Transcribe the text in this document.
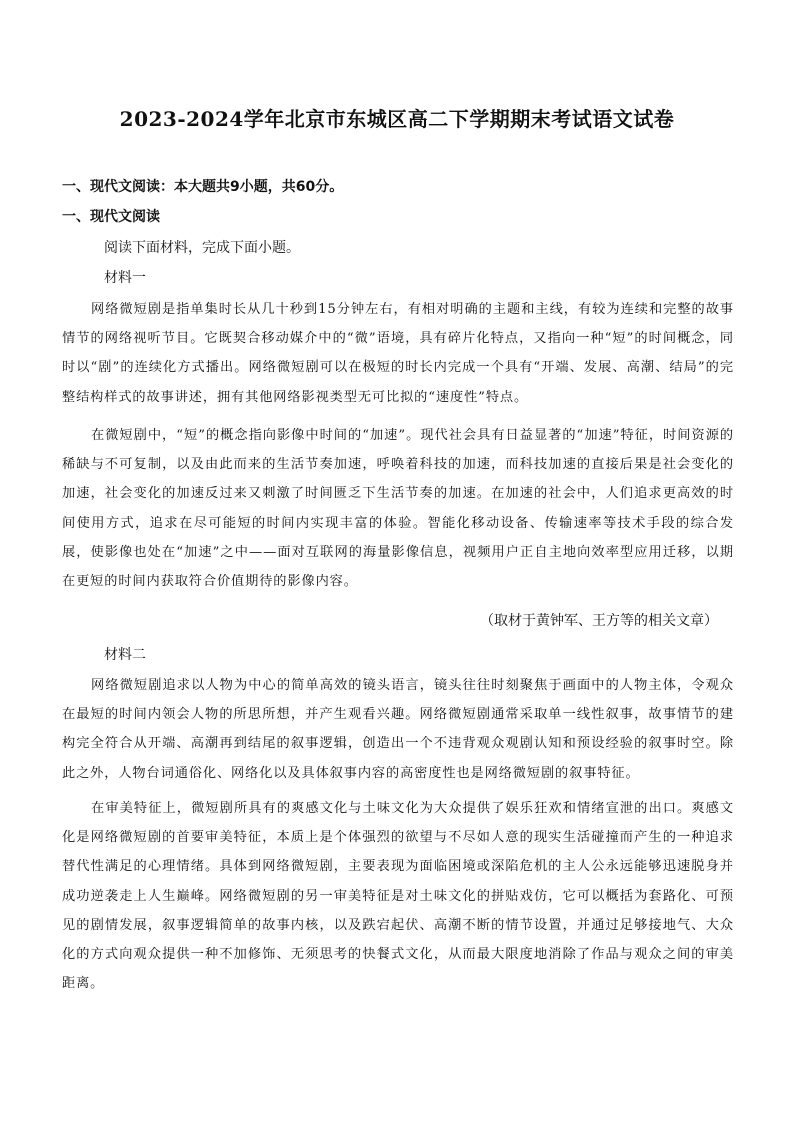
2023-2024学年北京市东城区高二下学期期末考试语文试卷
一、现代文阅读：本大题共9小题，共60分。
一、现代文阅读
阅读下面材料，完成下面小题。
材料一

网络微短剧是指单集时长从几十秒到15分钟左右，有相对明确的主题和主线，有较为连续和完整的故事情节的网络视听节目。它既契合移动媒介中的“微”语境，具有碎片化特点，又指向一种“短”的时间概念，同时以“剧”的连续化方式播出。网络微短剧可以在极短的时长内完成一个具有“开端、发展、高潮、结局”的完整结构样式的故事讲述，拥有其他网络影视类型无可比拟的“速度性”特点。

在微短剧中，“短”的概念指向影像中时间的“加速”。现代社会具有日益显著的“加速”特征，时间资源的稀缺与不可复制，以及由此而来的生活节奏加速，呼唤着科技的加速，而科技加速的直接后果是社会变化的加速，社会变化的加速反过来又刺激了时间匮乏下生活节奏的加速。在加速的社会中，人们追求更高效的时间使用方式，追求在尽可能短的时间内实现丰富的体验。智能化移动设备、传输速率等技术手段的综合发展，使影像也处在“加速”之中——面对互联网的海量影像信息，视频用户正自主地向效率型应用迁移，以期在更短的时间内获取符合价值期待的影像内容。

（取材于黄钟军、王方等的相关文章）
材料二

网络微短剧追求以人物为中心的简单高效的镜头语言，镜头往往时刻聚焦于画面中的人物主体，令观众在最短的时间内领会人物的所思所想，并产生观看兴趣。网络微短剧通常采取单一线性叙事，故事情节的建构完全符合从开端、高潮再到结尾的叙事逻辑，创造出一个不违背观众观剧认知和预设经验的叙事时空。除此之外，人物台词通俗化、网络化以及具体叙事内容的高密度性也是网络微短剧的叙事特征。

在审美特征上，微短剧所具有的爽感文化与土味文化为大众提供了娱乐狂欢和情绪宣泄的出口。爽感文化是网络微短剧的首要审美特征，本质上是个体强烈的欲望与不尽如人意的现实生活碰撞而产生的一种追求替代性满足的心理情绪。具体到网络微短剧，主要表现为面临困境或深陷危机的主人公永远能够迅速脱身并成功逆袭走上人生巅峰。网络微短剧的另一审美特征是对土味文化的拼贴戏仿，它可以概括为套路化、可预见的剧情发展，叙事逻辑简单的故事内核，以及跌宕起伏、高潮不断的情节设置，并通过足够接地气、大众化的方式向观众提供一种不加修饰、无须思考的快餐式文化，从而最大限度地消除了作品与观众之间的审美距离。
